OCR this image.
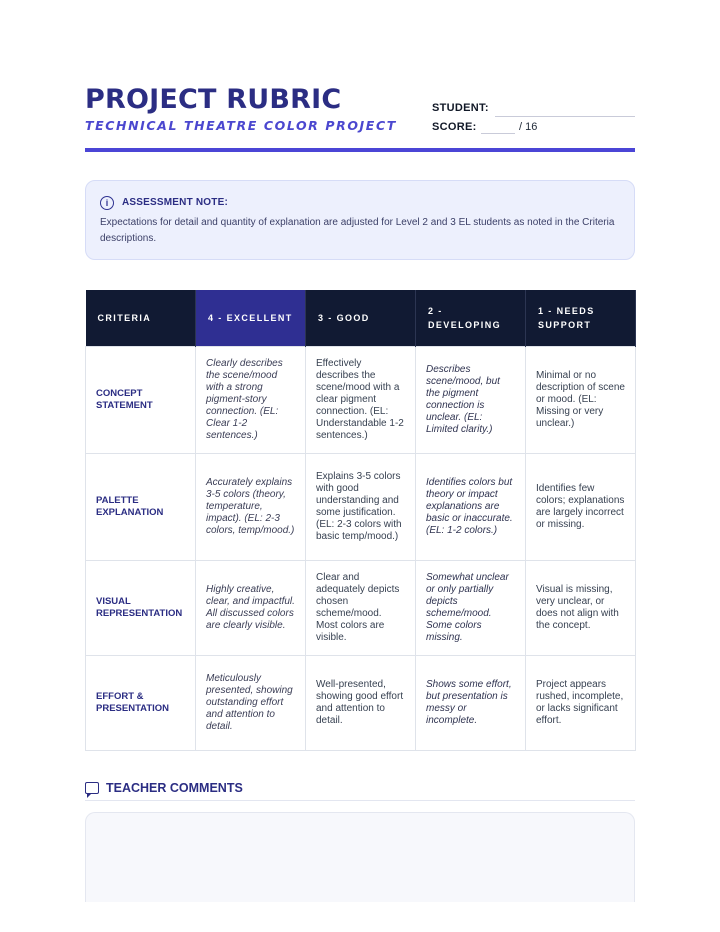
PROJECT RUBRIC
TECHNICAL THEATRE COLOR PROJECT
STUDENT:
SCORE:	/ 16
i	ASSESSMENT NOTE:
Expectations for detail and quantity of explanation are adjusted for Level 2 and 3 EL students as noted in the Criteria descriptions.
CRITERIA	4 - EXCELLENT	3 - GOOD	2 - DEVELOPING	1 - NEEDS SUPPORT
CONCEPT STATEMENT	Clearly describes the scene/mood with a strong pigment-story connection. (EL: Clear 1-2 sentences.)	Effectively describes the scene/mood with a clear pigment connection. (EL: Understandable 1-2 sentences.)	Describes scene/mood, but the pigment connection is unclear. (EL: Limited clarity.)	Minimal or no description of scene or mood. (EL: Missing or very unclear.)
PALETTE EXPLANATION	Accurately explains 3-5 colors (theory, temperature, impact). (EL: 2-3 colors, temp/mood.)	Explains 3-5 colors with good understanding and some justification. (EL: 2-3 colors with basic temp/mood.)	Identifies colors but theory or impact explanations are basic or inaccurate. (EL: 1-2 colors.)	Identifies few colors; explanations are largely incorrect or missing.
VISUAL REPRESENTATION	Highly creative, clear, and impactful. All discussed colors are clearly visible.	Clear and adequately depicts chosen scheme/mood. Most colors are visible.	Somewhat unclear or only partially depicts scheme/mood. Some colors missing.	Visual is missing, very unclear, or does not align with the concept.
EFFORT & PRESENTATION	Meticulously presented, showing outstanding effort and attention to detail.	Well-presented, showing good effort and attention to detail.	Shows some effort, but presentation is messy or incomplete.	Project appears rushed, incomplete, or lacks significant effort.
TEACHER COMMENTS
